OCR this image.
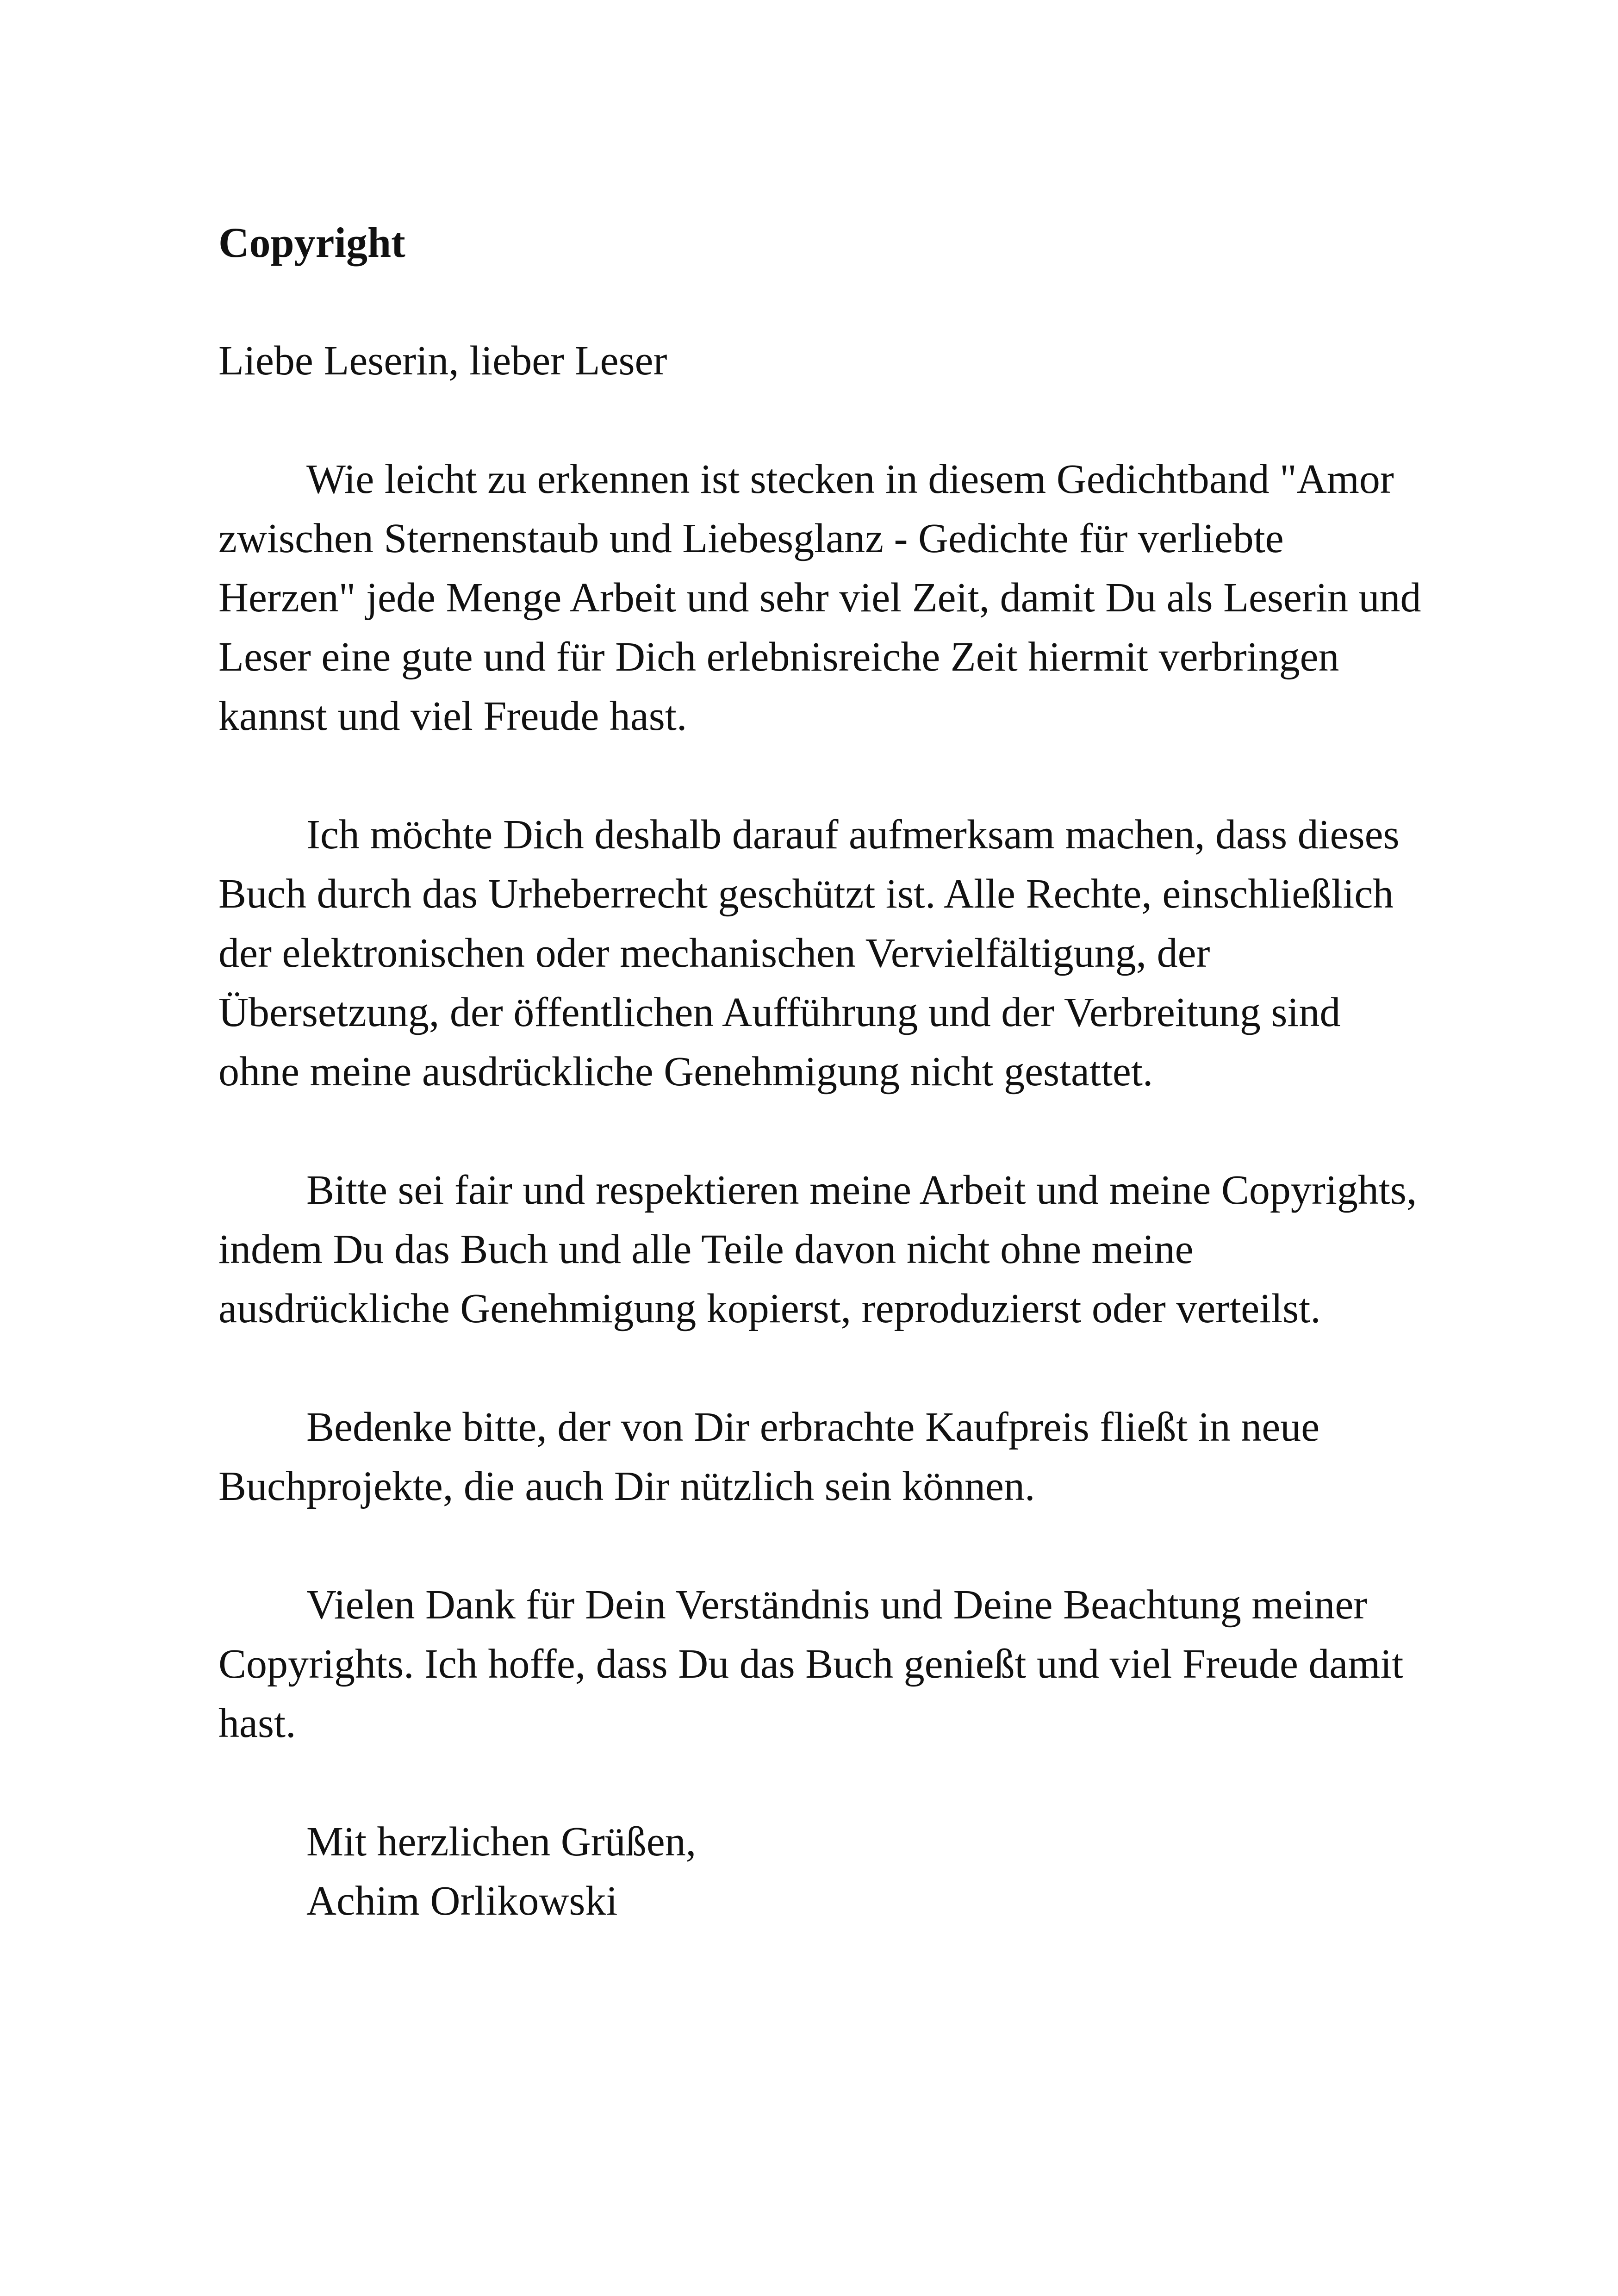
Copyright

Liebe Leserin, lieber Leser

Wie leicht zu erkennen ist stecken in diesem Gedichtband "Amor zwischen Sternenstaub und Liebesglanz - Gedichte für verliebte Herzen" jede Menge Arbeit und sehr viel Zeit, damit Du als Leserin und Leser eine gute und für Dich erlebnisreiche Zeit hiermit verbringen kannst und viel Freude hast.

Ich möchte Dich deshalb darauf aufmerksam machen, dass dieses Buch durch das Urheberrecht geschützt ist. Alle Rechte, einschließlich der elektronischen oder mechanischen Vervielfältigung, der Übersetzung, der öffentlichen Aufführung und der Verbreitung sind ohne meine ausdrückliche Genehmigung nicht gestattet.

Bitte sei fair und respektieren meine Arbeit und meine Copyrights, indem Du das Buch und alle Teile davon nicht ohne meine ausdrückliche Genehmigung kopierst, reproduzierst oder verteilst.

Bedenke bitte, der von Dir erbrachte Kaufpreis fließt in neue Buchprojekte, die auch Dir nützlich sein können.

Vielen Dank für Dein Verständnis und Deine Beachtung meiner Copyrights. Ich hoffe, dass Du das Buch genießt und viel Freude damit hast.

Mit herzlichen Grüßen,
Achim Orlikowski
